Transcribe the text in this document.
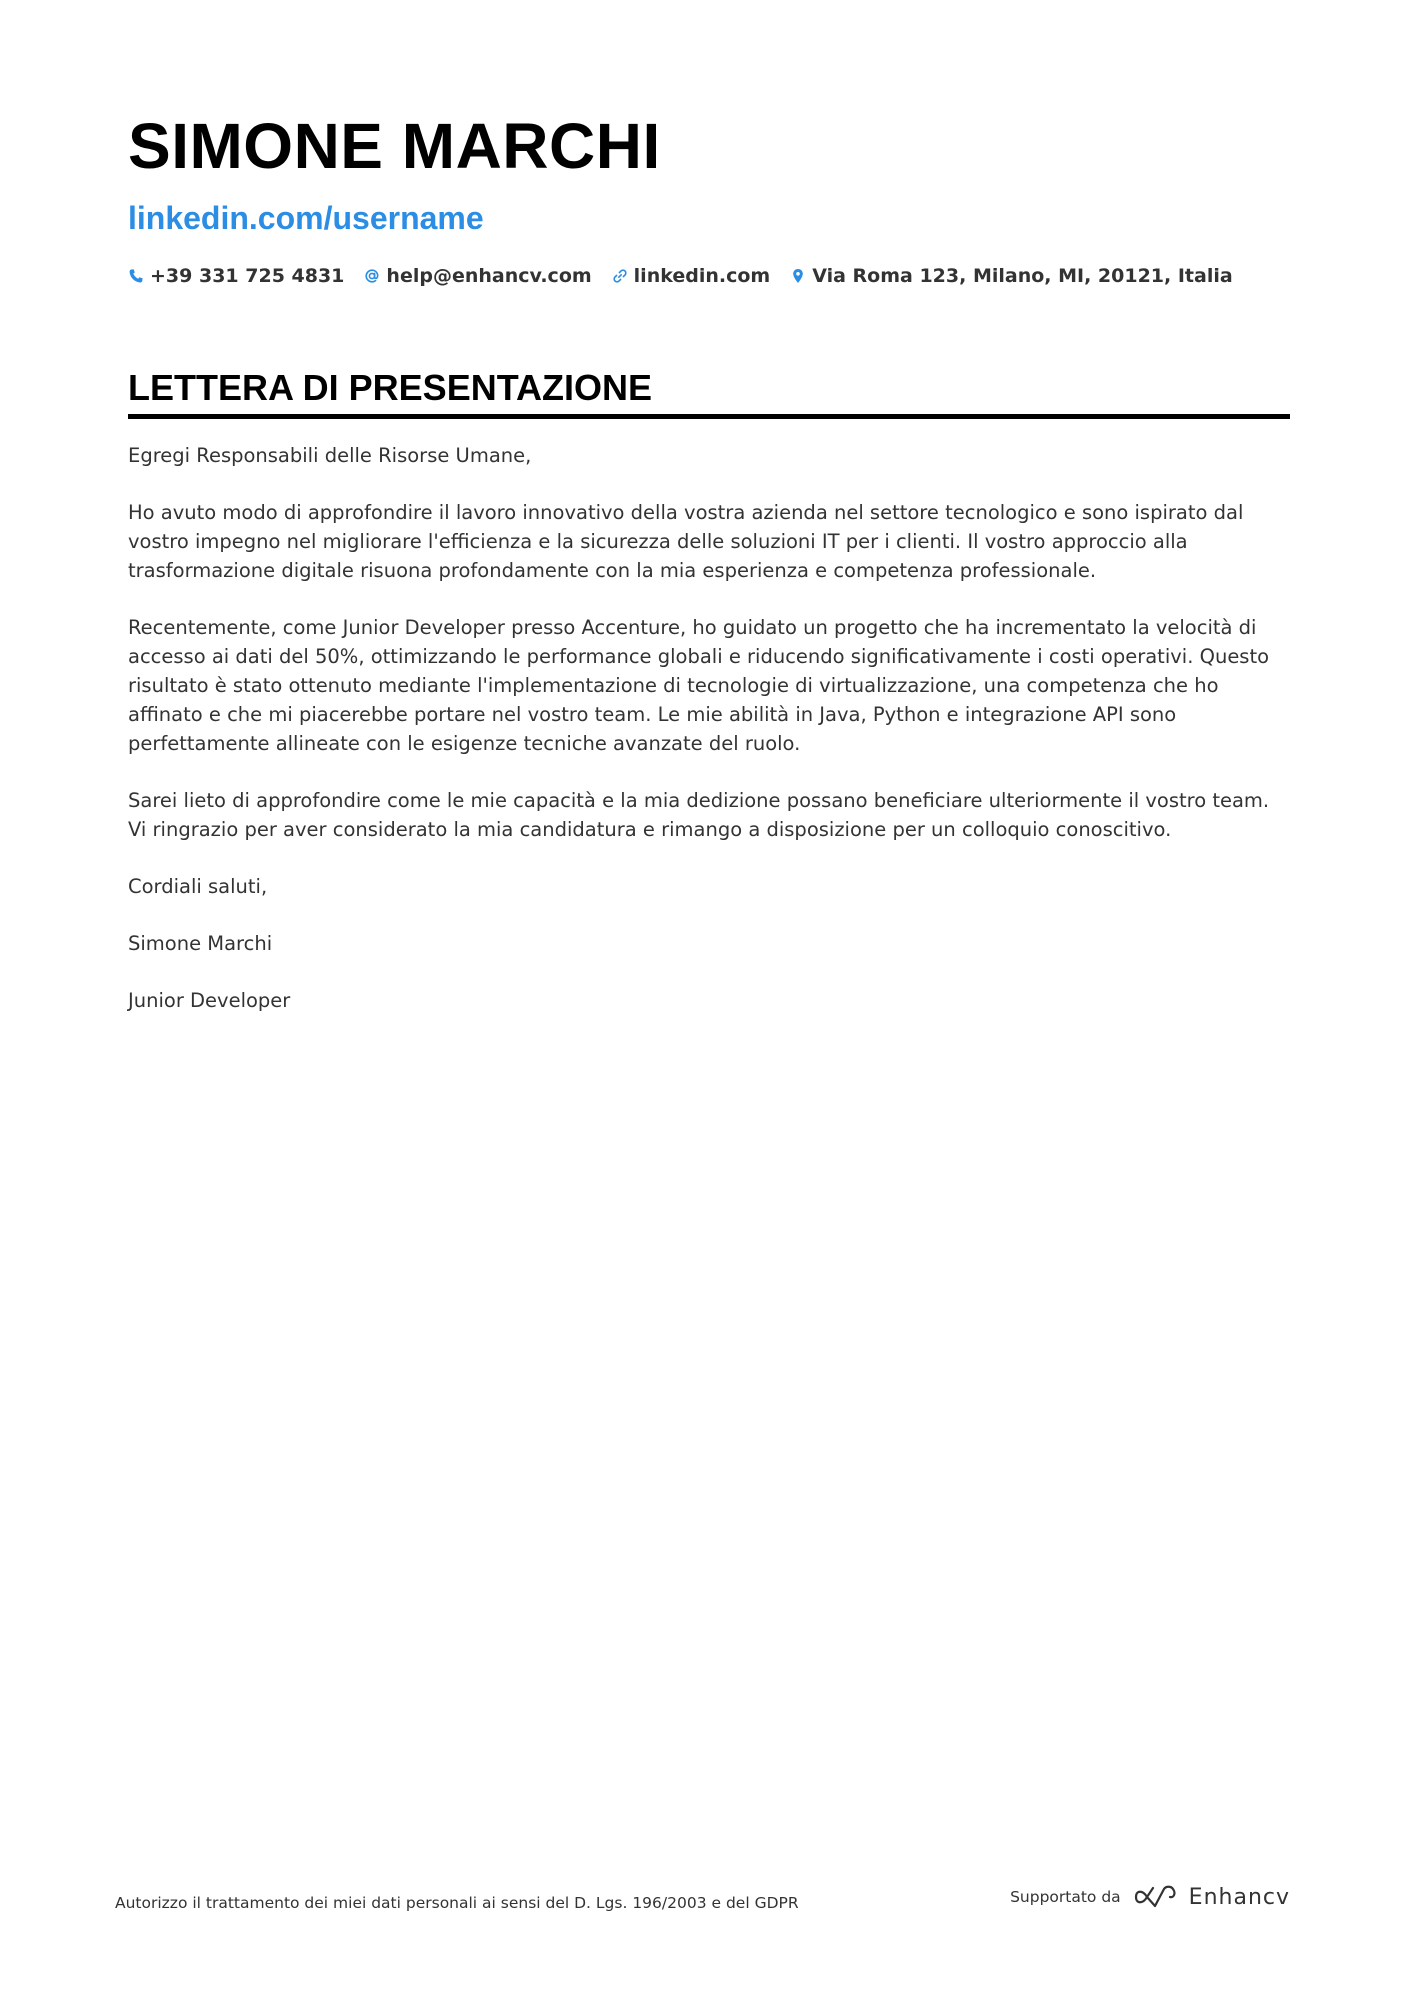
SIMONE MARCHI
linkedin.com/username
+39 331 725 4831 help@enhancv.com linkedin.com Via Roma 123, Milano, MI, 20121, Italia
LETTERA DI PRESENTAZIONE

Egregi Responsabili delle Risorse Umane,

Ho avuto modo di approfondire il lavoro innovativo della vostra azienda nel settore tecnologico e sono ispirato dal vostro impegno nel migliorare l'efficienza e la sicurezza delle soluzioni IT per i clienti. Il vostro approccio alla trasformazione digitale risuona profondamente con la mia esperienza e competenza professionale.

Recentemente, come Junior Developer presso Accenture, ho guidato un progetto che ha incrementato la velocità di accesso ai dati del 50%, ottimizzando le performance globali e riducendo significativamente i costi operativi. Questo risultato è stato ottenuto mediante l'implementazione di tecnologie di virtualizzazione, una competenza che ho affinato e che mi piacerebbe portare nel vostro team. Le mie abilità in Java, Python e integrazione API sono perfettamente allineate con le esigenze tecniche avanzate del ruolo.

Sarei lieto di approfondire come le mie capacità e la mia dedizione possano beneficiare ulteriormente il vostro team. Vi ringrazio per aver considerato la mia candidatura e rimango a disposizione per un colloquio conoscitivo.

Cordiali saluti,

Simone Marchi

Junior Developer

Autorizzo il trattamento dei miei dati personali ai sensi del D. Lgs. 196/2003 e del GDPR	Supportato da	Enhancv
